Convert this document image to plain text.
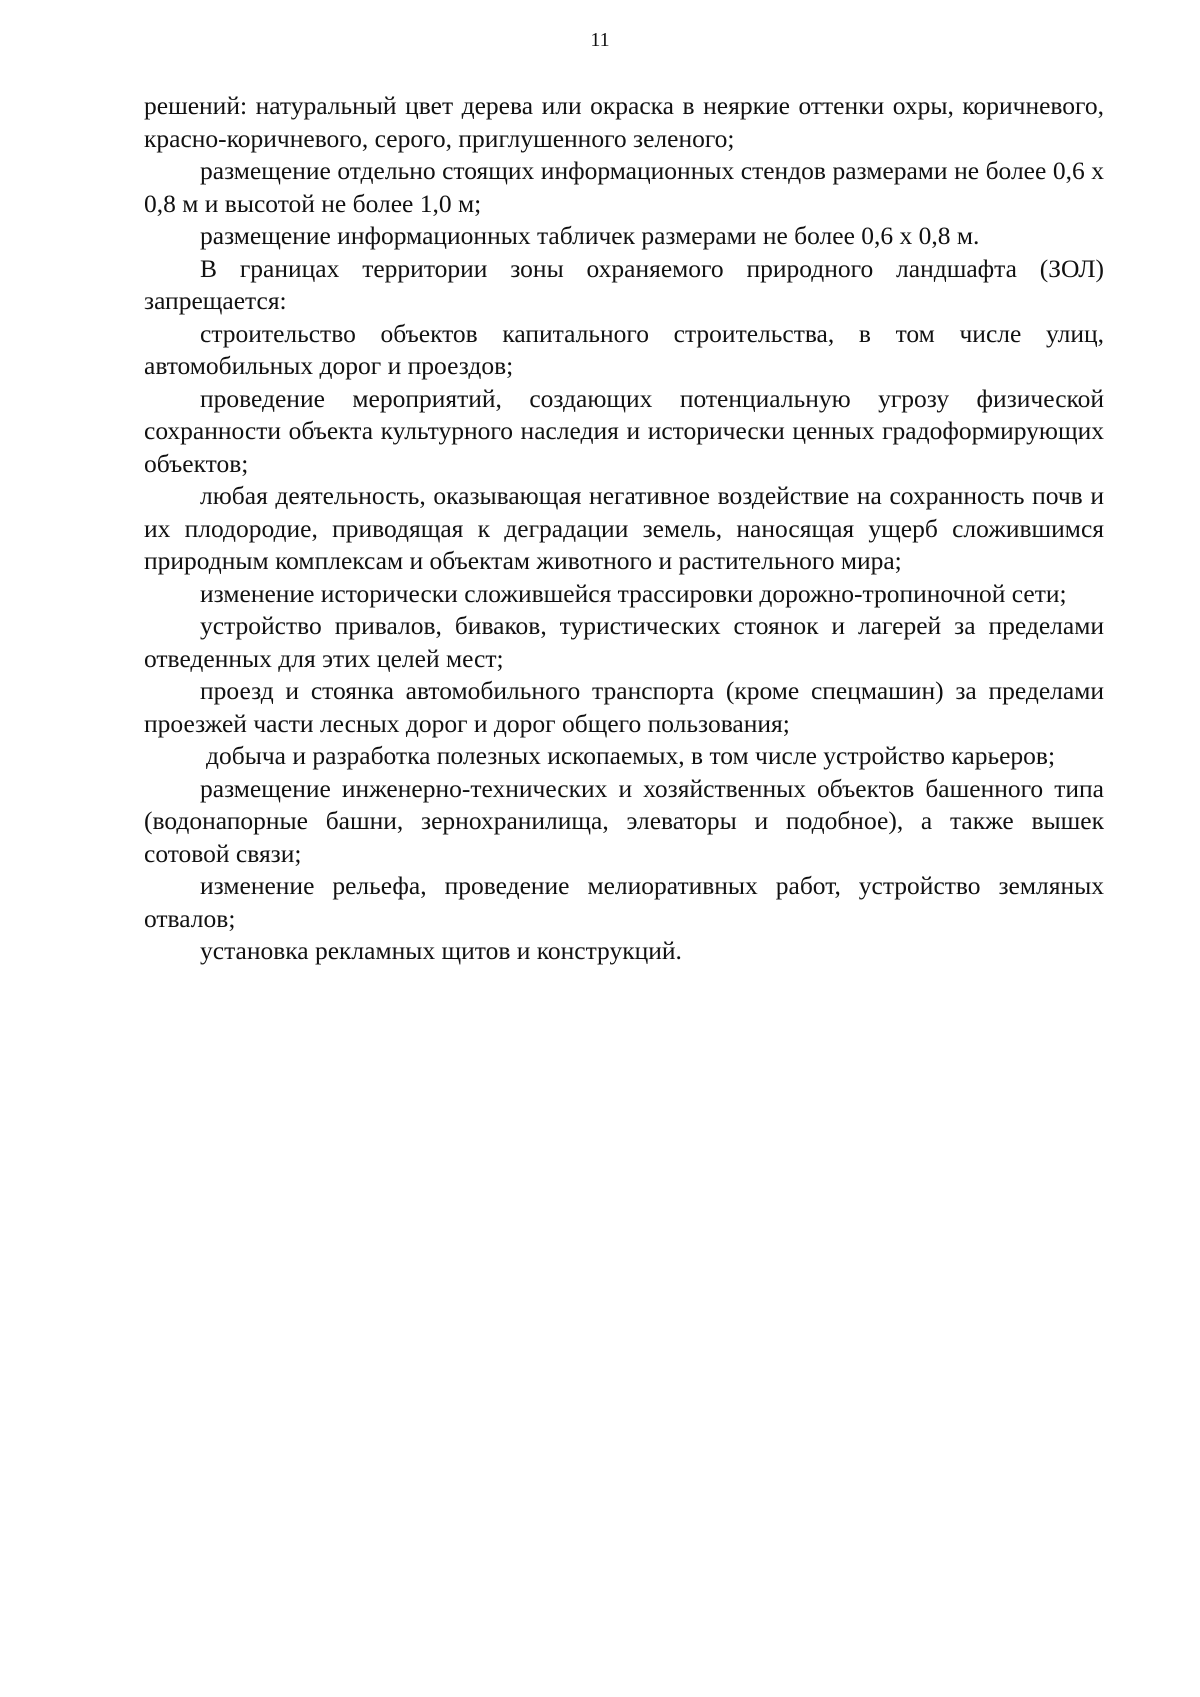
11

решений: натуральный цвет дерева или окраска в неяркие оттенки охры, коричневого, красно-коричневого, серого, приглушенного зеленого;

размещение отдельно стоящих информационных стендов размерами не более 0,6 х 0,8 м и высотой не более 1,0 м;

размещение информационных табличек размерами не более 0,6 х 0,8 м.

В границах территории зоны охраняемого природного ландшафта (ЗОЛ) запрещается:

строительство объектов капитального строительства, в том числе улиц, автомобильных дорог и проездов;

проведение мероприятий, создающих потенциальную угрозу физической сохранности объекта культурного наследия и исторически ценных градоформирующих объектов;

любая деятельность, оказывающая негативное воздействие на сохранность почв и их плодородие, приводящая к деградации земель, наносящая ущерб сложившимся природным комплексам и объектам животного и растительного мира;

изменение исторически сложившейся трассировки дорожно-тропиночной сети;

устройство привалов, биваков, туристических стоянок и лагерей за пределами отведенных для этих целей мест;

проезд и стоянка автомобильного транспорта (кроме спецмашин) за пределами проезжей части лесных дорог и дорог общего пользования;

добыча и разработка полезных ископаемых, в том числе устройство карьеров;

размещение инженерно-технических и хозяйственных объектов башенного типа (водонапорные башни, зернохранилища, элеваторы и подобное), а также вышек сотовой связи;

изменение рельефа, проведение мелиоративных работ, устройство земляных отвалов;

установка рекламных щитов и конструкций.
